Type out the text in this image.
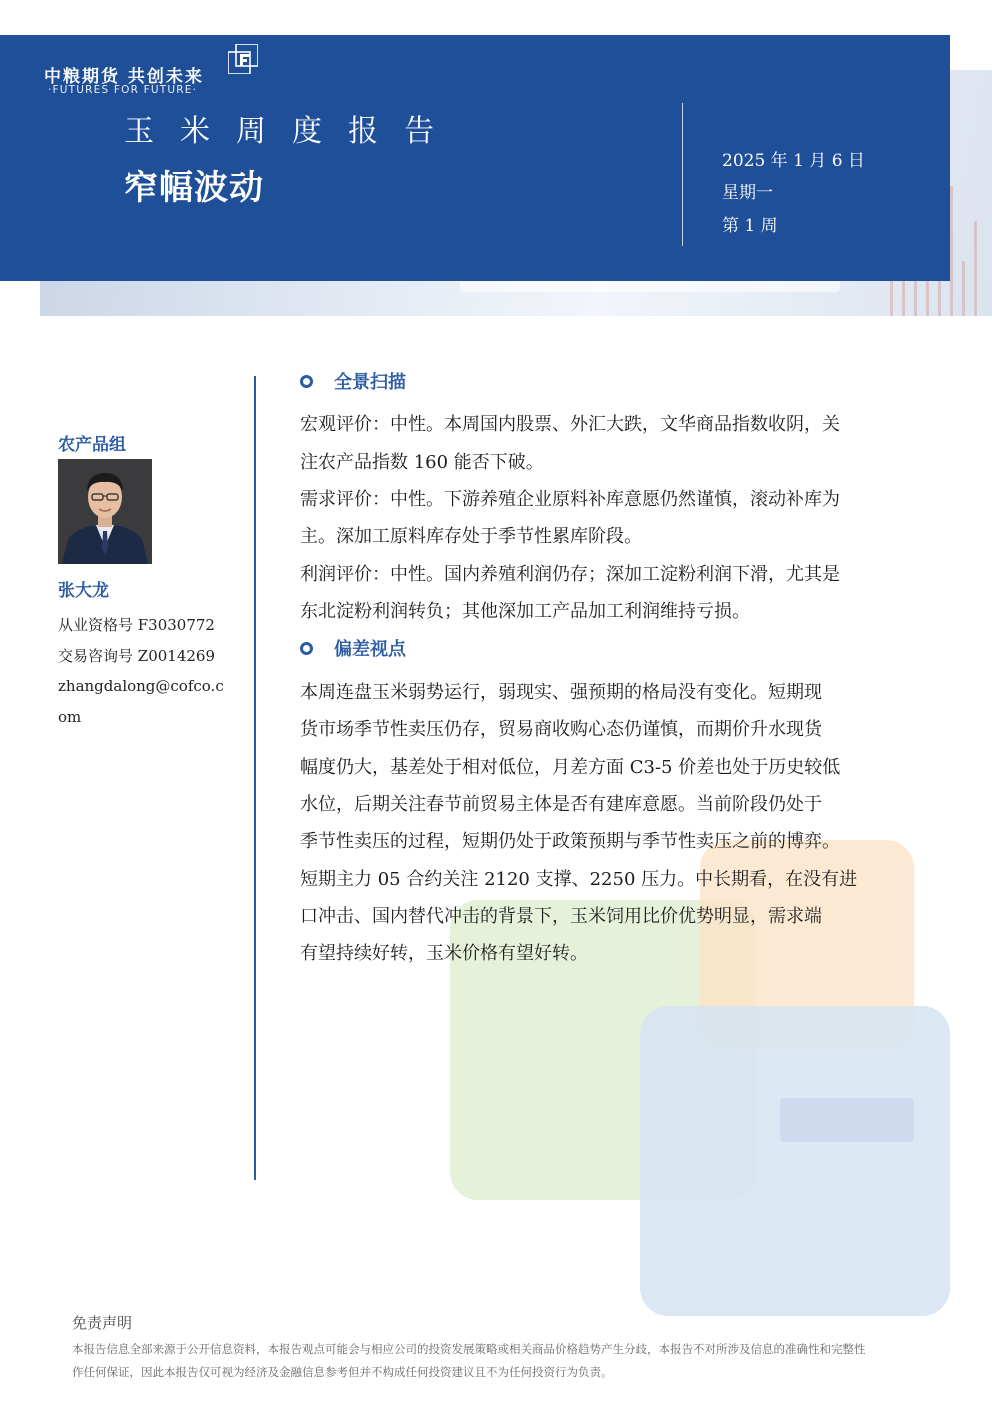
中粮期货 共创未来
·FUTURES FOR FUTURE·
玉米周度报告
窄幅波动
2025 年 1 月 6 日
星期一
第 1 周
农产品组
张大龙
从业资格号 F3030772
交易咨询号 Z0014269
zhangdalong@cofco.c
om
全景扫描
宏观评价：中性。本周国内股票、外汇大跌，文华商品指数收阴，关
注农产品指数 160 能否下破。
需求评价：中性。下游养殖企业原料补库意愿仍然谨慎，滚动补库为
主。深加工原料库存处于季节性累库阶段。
利润评价：中性。国内养殖利润仍存；深加工淀粉利润下滑，尤其是
东北淀粉利润转负；其他深加工产品加工利润维持亏损。
偏差视点
本周连盘玉米弱势运行，弱现实、强预期的格局没有变化。短期现
货市场季节性卖压仍存，贸易商收购心态仍谨慎，而期价升水现货
幅度仍大，基差处于相对低位，月差方面 C3-5 价差也处于历史较低
水位，后期关注春节前贸易主体是否有建库意愿。当前阶段仍处于
季节性卖压的过程，短期仍处于政策预期与季节性卖压之前的博弈。
短期主力 05 合约关注 2120 支撑、2250 压力。中长期看，在没有进
口冲击、国内替代冲击的背景下，玉米饲用比价优势明显，需求端
有望持续好转，玉米价格有望好转。
免责声明
本报告信息全部来源于公开信息资料，本报告观点可能会与相应公司的投资发展策略或相关商品价格趋势产生分歧，本报告不对所涉及信息的准确性和完整性
作任何保证，因此本报告仅可视为经济及金融信息参考但并不构成任何投资建议且不为任何投资行为负责。
